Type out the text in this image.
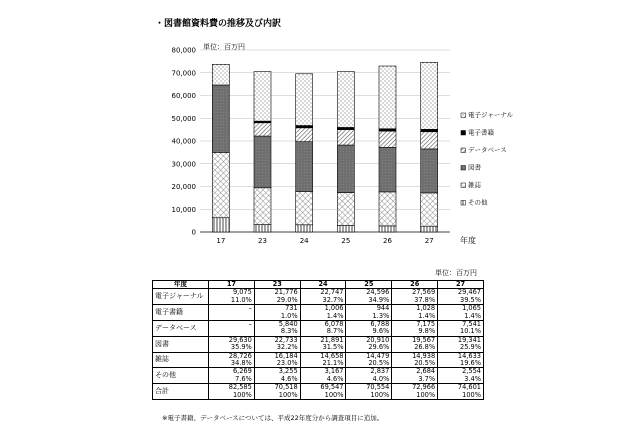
・図書館資料費の推移及び内訳
単位：百万円
0
10,000
20,000
30,000
40,000
50,000
60,000
70,000
80,000
17	23	24	25	26	27	年度
電子ジャーナル
電子書籍
データベース
図書
雑誌
その他
単位：百万円
年度	17	23	24	25	26	27
電子ジャーナル	9,075	21,776	22,747	24,596	27,569	29,467
	11.0%	29.0%	32.7%	34.9%	37.8%	39.5%
電子書籍	–	731	1,006	944	1,028	1,065
		1.0%	1.4%	1.3%	1.4%	1.4%
データベース	–	5,840	6,078	6,788	7,175	7,541
		8.3%	8.7%	9.6%	9.8%	10.1%
図書	29,630	22,733	21,891	20,910	19,567	19,341
	35.9%	32.2%	31.5%	29.6%	26.8%	25.9%
雑誌	28,726	16,184	14,658	14,479	14,938	14,633
	34.8%	23.0%	21.1%	20.5%	20.5%	19.6%
その他	6,269	3,255	3,167	2,837	2,684	2,554
	7.6%	4.6%	4.6%	4.0%	3.7%	3.4%
合計	82,585	70,518	69,547	70,554	72,966	74,601
	100%	100%	100%	100%	100%	100%
※電子書籍、データベースについては、平成22年度分から調査項目に追加。
